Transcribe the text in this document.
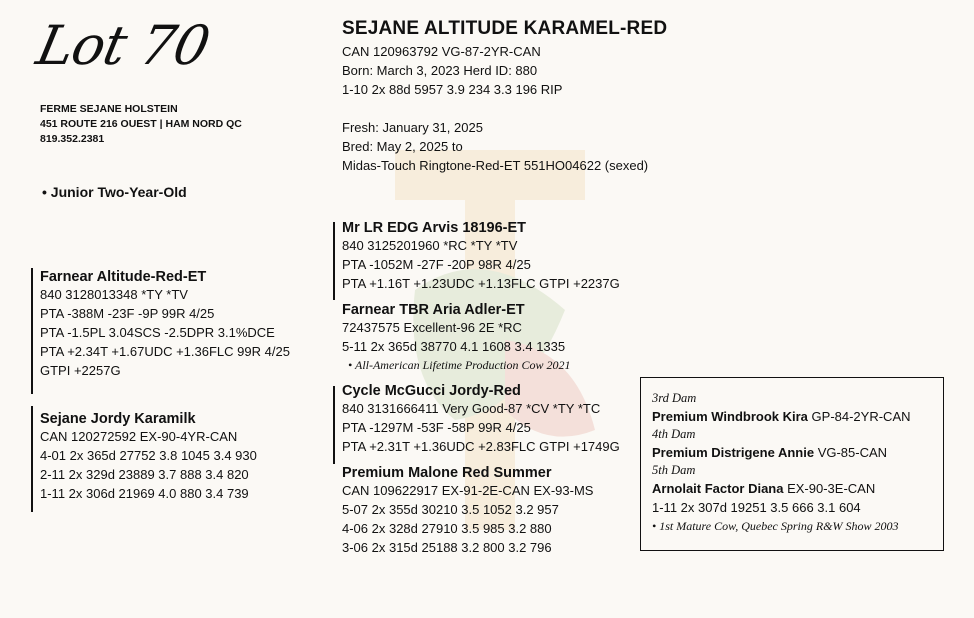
Lot 70
FERME SEJANE HOLSTEIN
451 ROUTE 216 OUEST | HAM NORD QC
819.352.2381
• Junior Two-Year-Old
SEJANE ALTITUDE KARAMEL-RED
CAN 120963792 VG-87-2YR-CAN
Born: March 3, 2023 Herd ID: 880
1-10 2x 88d 5957 3.9 234 3.3 196 RIP
Fresh: January 31, 2025
Bred: May 2, 2025 to
Midas-Touch Ringtone-Red-ET 551HO04622 (sexed)
Farnear Altitude-Red-ET
840 3128013348 *TY *TV
PTA -388M -23F -9P 99R 4/25
PTA -1.5PL 3.04SCS -2.5DPR 3.1%DCE
PTA +2.34T +1.67UDC +1.36FLC 99R 4/25
GTPI +2257G
Sejane Jordy Karamilk
CAN 120272592 EX-90-4YR-CAN
4-01 2x 365d 27752 3.8 1045 3.4 930
2-11 2x 329d 23889 3.7 888 3.4 820
1-11 2x 306d 21969 4.0 880 3.4 739
Mr LR EDG Arvis 18196-ET
840 3125201960 *RC *TY *TV
PTA -1052M -27F -20P 98R 4/25
PTA +1.16T +1.23UDC +1.13FLC GTPI +2237G
Farnear TBR Aria Adler-ET
72437575 Excellent-96 2E *RC
5-11 2x 365d 38770 4.1 1608 3.4 1335
• All-American Lifetime Production Cow 2021
Cycle McGucci Jordy-Red
840 3131666411 Very Good-87 *CV *TY *TC
PTA -1297M -53F -58P 99R 4/25
PTA +2.31T +1.36UDC +2.83FLC GTPI +1749G
Premium Malone Red Summer
CAN 109622917 EX-91-2E-CAN EX-93-MS
5-07 2x 355d 30210 3.5 1052 3.2 957
4-06 2x 328d 27910 3.5 985 3.2 880
3-06 2x 315d 25188 3.2 800 3.2 796
3rd Dam
Premium Windbrook Kira GP-84-2YR-CAN
4th Dam
Premium Distrigene Annie VG-85-CAN
5th Dam
Arnolait Factor Diana EX-90-3E-CAN
1-11 2x 307d 19251 3.5 666 3.1 604
• 1st Mature Cow, Quebec Spring R&W Show 2003
